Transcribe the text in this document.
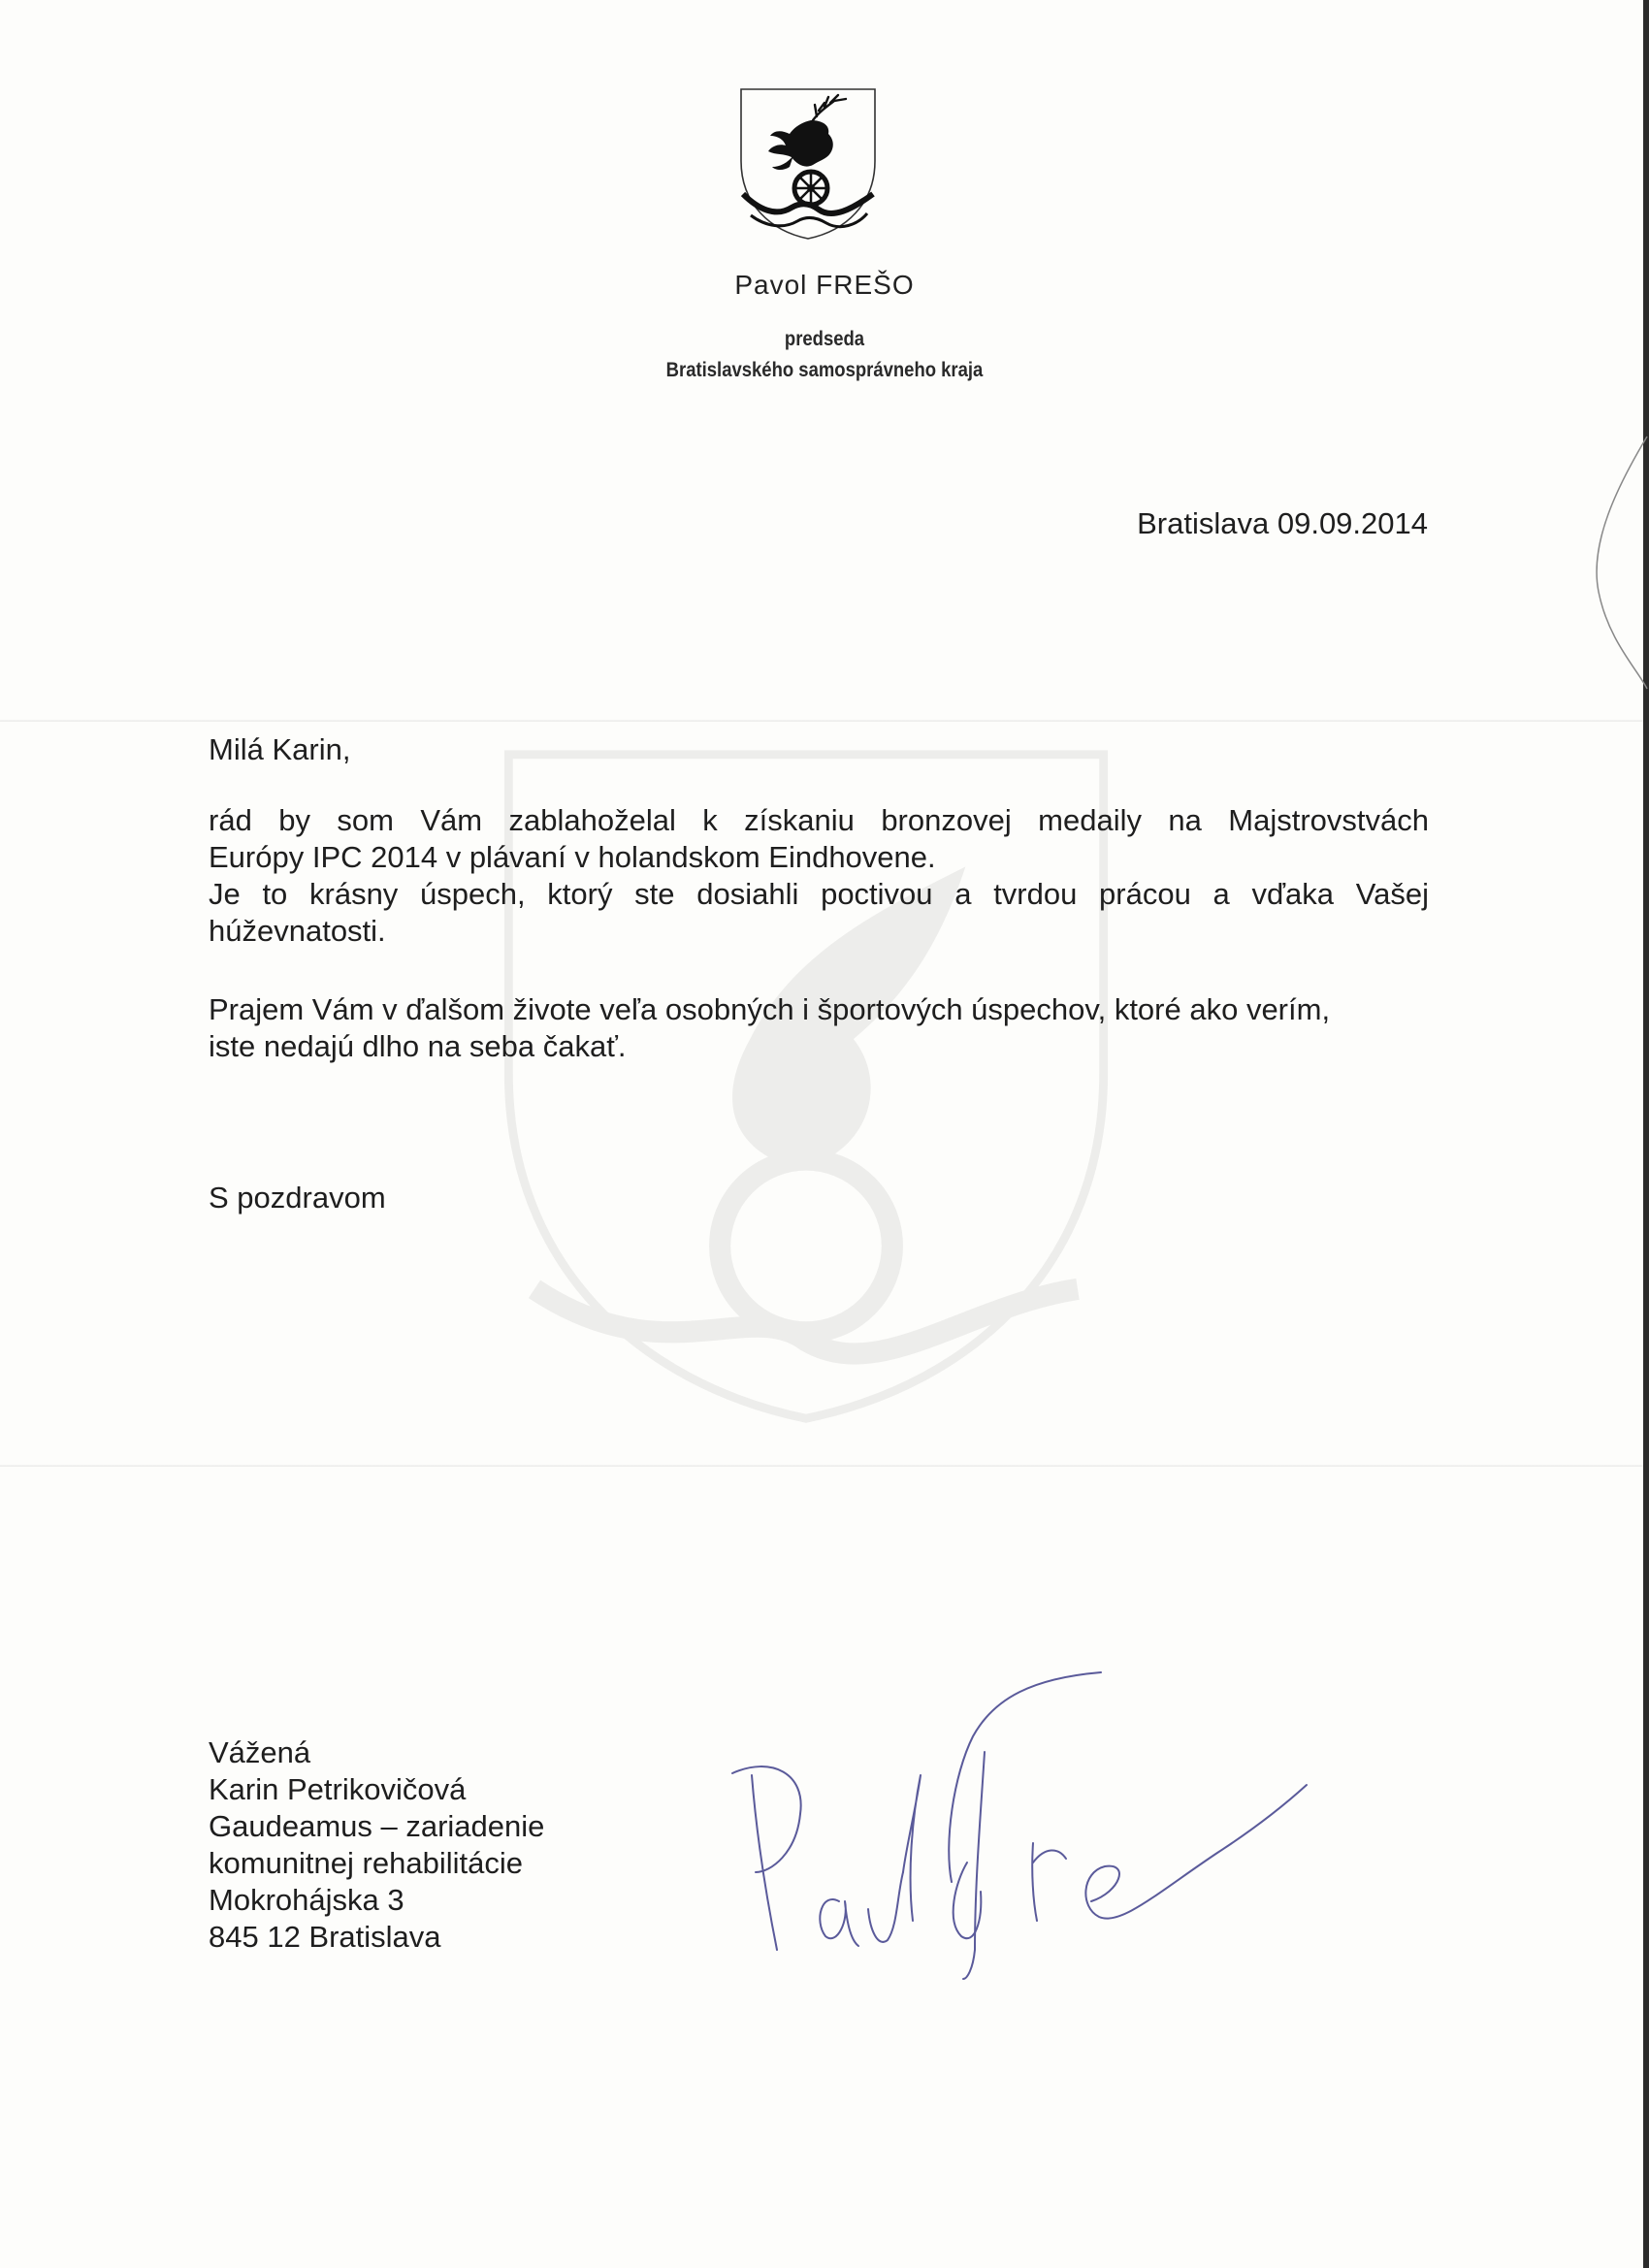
Pavol FREŠO
predseda
Bratislavského samosprávneho kraja
Bratislava 09.09.2014
Milá Karin,
rád by som Vám zablahoželal k získaniu bronzovej medaily na Majstrovstvách
Európy IPC 2014 v plávaní v holandskom Eindhovene.
Je to krásny úspech, ktorý ste dosiahli poctivou a tvrdou prácou a vďaka Vašej
húževnatosti.
Prajem Vám v ďalšom živote veľa osobných i športových úspechov, ktoré ako verím,
iste nedajú dlho na seba čakať.
S pozdravom
Vážená
Karin Petrikovičová
Gaudeamus – zariadenie
komunitnej rehabilitácie
Mokrohájska 3
845 12 Bratislava
